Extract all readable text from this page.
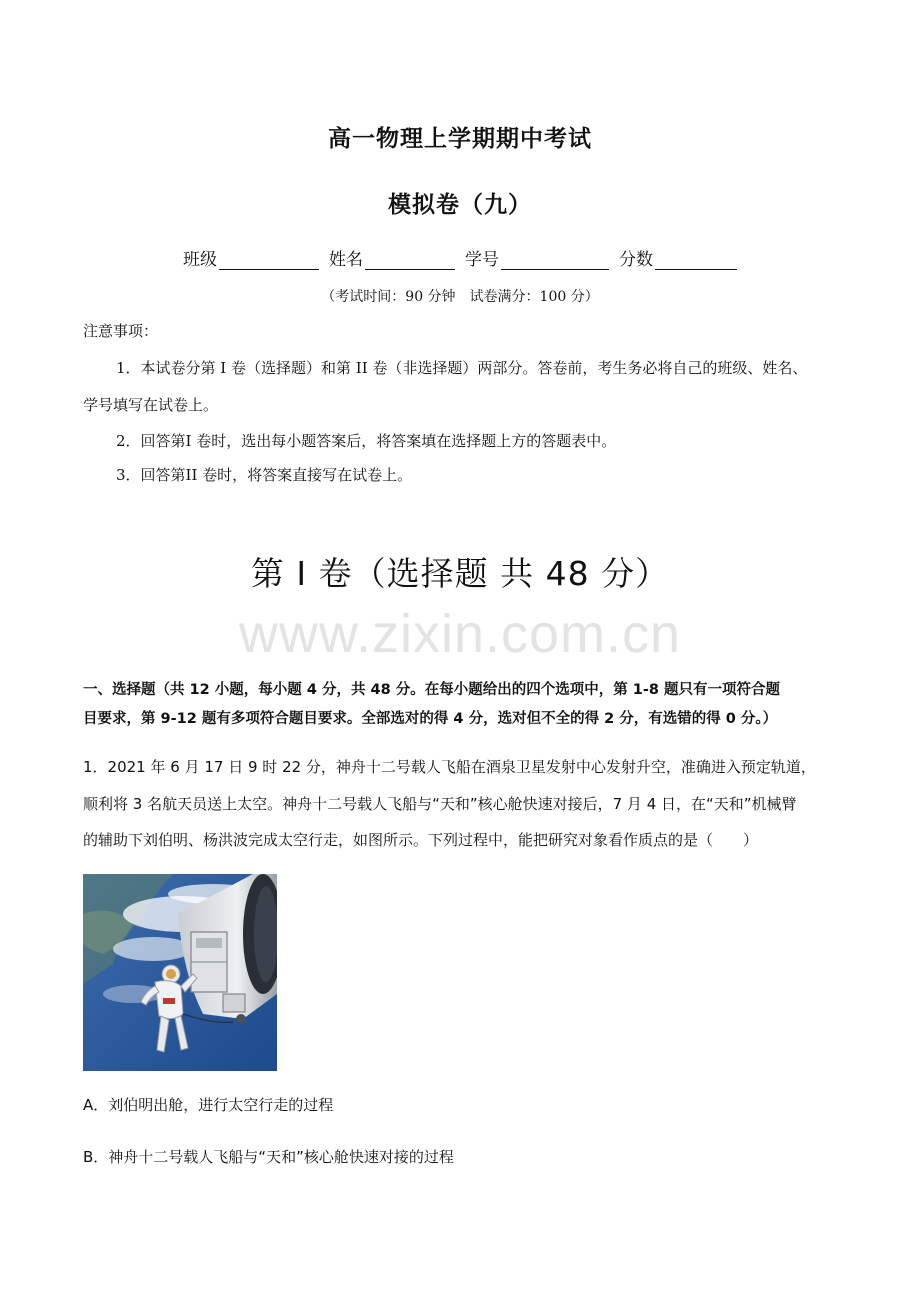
高一物理上学期期中考试
模拟卷（九）
班级	姓名	学号	分数
（考试时间：90 分钟　试卷满分：100 分）
注意事项：
1．本试卷分第 I 卷（选择题）和第 II 卷（非选择题）两部分。答卷前，考生务必将自己的班级、姓名、
学号填写在试卷上。
2．回答第I 卷时，选出每小题答案后，将答案填在选择题上方的答题表中。
3．回答第II 卷时，将答案直接写在试卷上。
第 I 卷（选择题 共 48 分）
www.zixin.com.cn
一、选择题（共 12 小题，每小题 4 分，共 48 分。在每小题给出的四个选项中，第 1-8 题只有一项符合题
目要求，第 9-12 题有多项符合题目要求。全部选对的得 4 分，选对但不全的得 2 分，有选错的得 0 分。）
1．2021 年 6 月 17 日 9 时 22 分，神舟十二号载人飞船在酒泉卫星发射中心发射升空，准确进入预定轨道，
顺利将 3 名航天员送上太空。神舟十二号载人飞船与“天和”核心舱快速对接后，7 月 4 日，在“天和”机械臂
的辅助下刘伯明、杨洪波完成太空行走，如图所示。下列过程中，能把研究对象看作质点的是（　　）
A．刘伯明出舱，进行太空行走的过程
B．神舟十二号载人飞船与“天和”核心舱快速对接的过程
